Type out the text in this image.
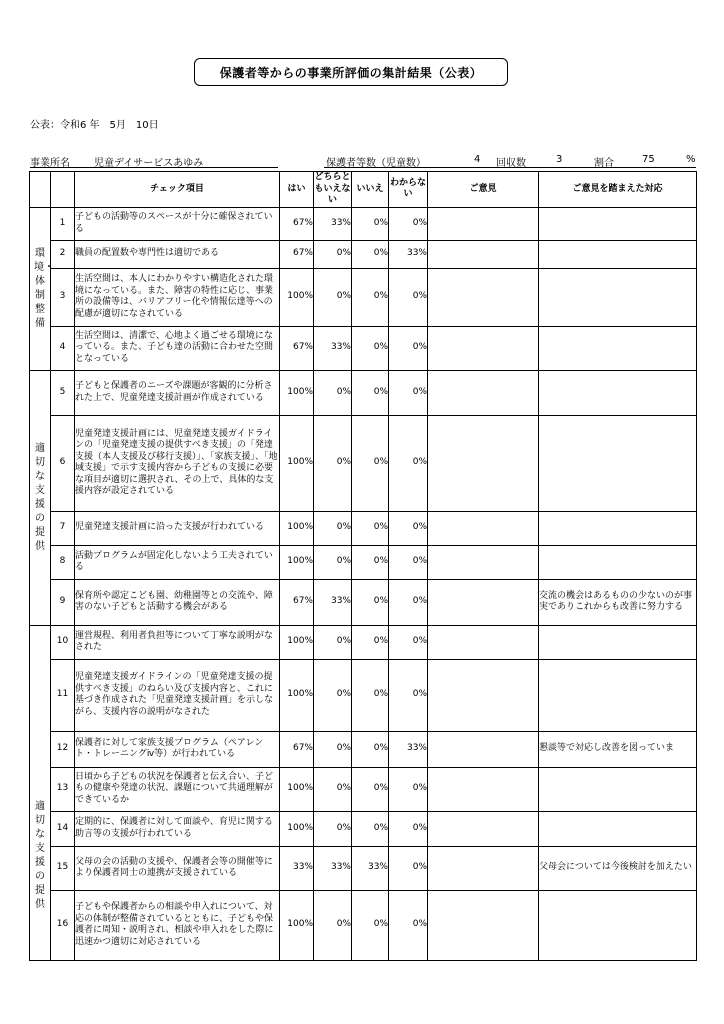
保護者等からの事業所評価の集計結果（公表）
公表：令和6 年　5月　10日
事業所名 児童デイサービスあゆみ	保護者等数（児童数）	4 回収数	3	割合	75	%
		チェック項目	はい	どちらともいえない	いいえ	わからない	ご意見	ご意見を踏まえた対応
環境・体制整備	1	子どもの活動等のスペースが十分に確保されている	67%	33%	0%	0%		
	2	職員の配置数や専門性は適切である	67%	0%	0%	33%		
	3	生活空間は、本人にわかりやすい構造化された環境になっている。また、障害の特性に応じ、事業所の設備等は、バリアフリー化や情報伝達等への配慮が適切になされている	100%	0%	0%	0%		
	4	生活空間は、清潔で、心地よく過ごせる環境になっている。また、子ども達の活動に合わせた空間となっている	67%	33%	0%	0%		
適切な支援の提供	5	子どもと保護者のニーズや課題が客観的に分析された上で、児童発達支援計画が作成されている	100%	0%	0%	0%		
	6	児童発達支援計画には、児童発達支援ガイドラインの「児童発達支援の提供すべき支援」の「発達支援（本人支援及び移行支援）」、「家族支援」、「地域支援」で示す支援内容から子どもの支援に必要な項目が適切に選択され、その上で、具体的な支援内容が設定されている	100%	0%	0%	0%		
	7	児童発達支援計画に沿った支援が行われている	100%	0%	0%	0%		
	8	活動プログラムが固定化しないよう工夫されている	100%	0%	0%	0%		
	9	保育所や認定こども園、幼稚園等との交流や、障害のない子どもと活動する機会がある	67%	33%	0%	0%		交流の機会はあるものの少ないのが事実でありこれからも改善に努力する
適切な支援の提供	10	運営規程、利用者負担等について丁寧な説明がなされた	100%	0%	0%	0%		
	11	児童発達支援ガイドラインの「児童発達支援の提供すべき支援」のねらい及び支援内容と、これに基づき作成された「児童発達支援計画」を示しながら、支援内容の説明がなされた	100%	0%	0%	0%		
	12	保護者に対して家族支援プログラム（ペアレント・トレーニングⅳ等）が行われている	67%	0%	0%	33%		懇談等で対応し改善を図っていま
	13	日頃から子どもの状況を保護者と伝え合い、子どもの健康や発達の状況、課題について共通理解ができているか	100%	0%	0%	0%		
	14	定期的に、保護者に対して面談や、育児に関する助言等の支援が行われている	100%	0%	0%	0%		
	15	父母の会の活動の支援や、保護者会等の開催等により保護者同士の連携が支援されている	33%	33%	33%	0%		父母会については今後検討を加えたい
	16	子どもや保護者からの相談や申入れについて、対応の体制が整備されているとともに、子どもや保護者に周知・説明され、相談や申入れをした際に迅速かつ適切に対応されている	100%	0%	0%	0%		
